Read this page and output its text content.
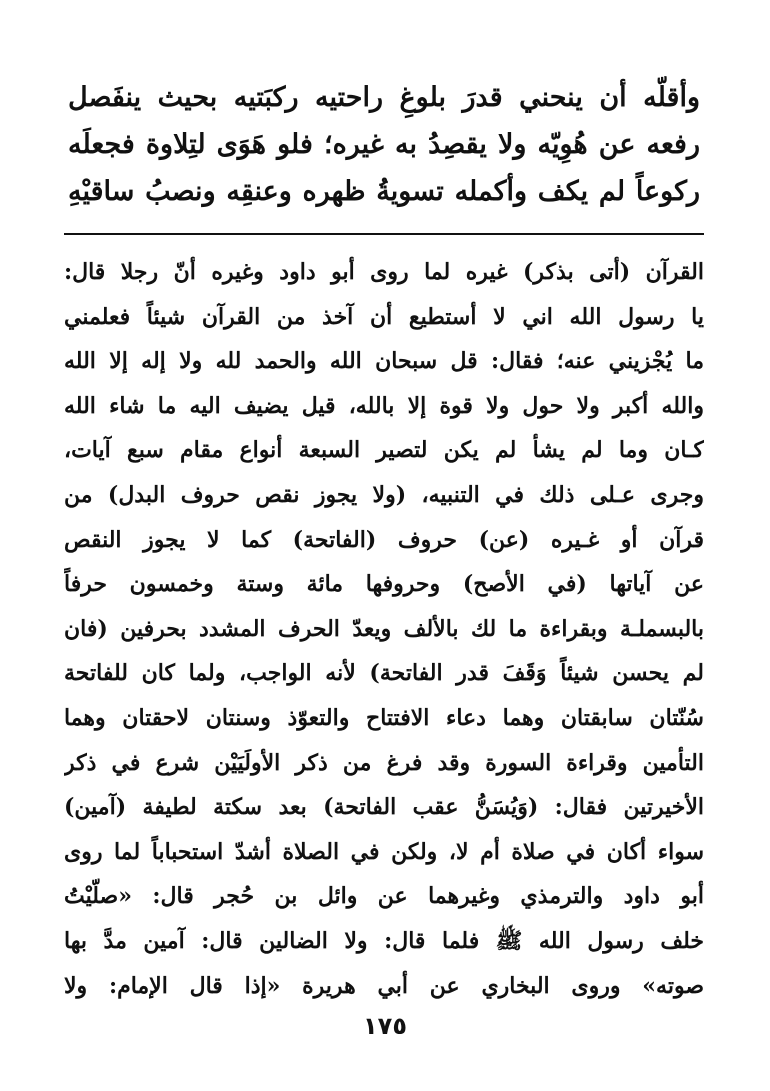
وأقلّه أن ينحني قدرَ بلوغِ راحتيه ركبَتيه بحيث ينفَصل
رفعه عن هُوِيّه ولا يقصِدُ به غيره؛ فلو هَوَى لتِلاوة فجعلَه
ركوعاً لم يكف وأكمله تسويةُ ظهره وعنقِه ونصبُ ساقيْهِ
القرآن (أتى بذكر) غيره لما روى أبو داود وغيره أنّ رجلا قال:
يا رسول الله اني لا أستطيع أن آخذ من القرآن شيئاً فعلمني
ما يُجْزيني عنه؛ فقال: قل سبحان الله والحمد لله ولا إله إلا الله
والله أكبر ولا حول ولا قوة إلا بالله، قيل يضيف اليه ما شاء الله
كـان وما لم يشأ لم يكن لتصير السبعة أنواع مقام سبع آيات،
وجرى عـلى ذلك في التنبيه، (ولا يجوز نقص حروف البدل) من
قرآن أو غـيره (عن) حروف (الفاتحة) كما لا يجوز النقص
عن آياتها (في الأصح) وحروفها مائة وستة وخمسون حرفاً
بالبسملـة وبقراءة ما لك بالألف ويعدّ الحرف المشدد بحرفين (فان
لم يحسن شيئاً وَقَفَ قدر الفاتحة) لأنه الواجب، ولما كان للفاتحة
سُنّتان سابقتان وهما دعاء الافتتاح والتعوّذ وسنتان لاحقتان وهما
التأمين وقراءة السورة وقد فرغ من ذكر الأولَيَيْن شرع في ذكر
الأخيرتين فقال: (وَيُسَنُّ عقب الفاتحة) بعد سكتة لطيفة (آمين)
سواء أكان في صلاة أم لا، ولكن في الصلاة أشدّ استحباباً لما روى
أبو داود والترمذي وغيرهما عن وائل بن حُجر قال: «صلّيْتُ
خلف رسول الله ﷺ فلما قال: ولا الضالين قال: آمين مدَّ بها
صوته» وروى البخاري عن أبي هريرة «إذا قال الإمام: ولا
١٧٥
